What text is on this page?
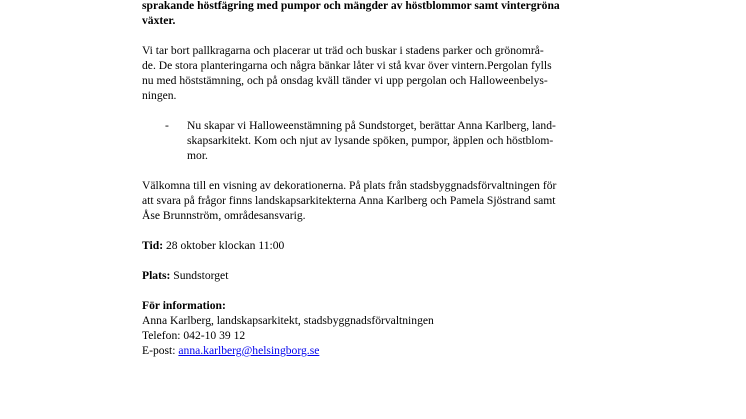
sprakande höstfägring med pumpor och mängder av höstblommor samt vintergröna
växter.

Vi tar bort pallkragarna och placerar ut träd och buskar i stadens parker och grönområ-
de. De stora planteringarna och några bänkar låter vi stå kvar över vintern.Pergolan fylls
nu med höststämning, och på onsdag kväll tänder vi upp pergolan och Halloweenbelys-
ningen.

- Nu skapar vi Halloweenstämning på Sundstorget, berättar Anna Karlberg, land-
skapsarkitekt. Kom och njut av lysande spöken, pumpor, äpplen och höstblom-
mor.

Välkomna till en visning av dekorationerna. På plats från stadsbyggnadsförvaltningen för
att svara på frågor finns landskapsarkitekterna Anna Karlberg och Pamela Sjöstrand samt
Åse Brunnström, områdesansvarig.

Tid: 28 oktober klockan 11:00

Plats: Sundstorget

För information:
Anna Karlberg, landskapsarkitekt, stadsbyggnadsförvaltningen
Telefon: 042-10 39 12
E-post: anna.karlberg@helsingborg.se
